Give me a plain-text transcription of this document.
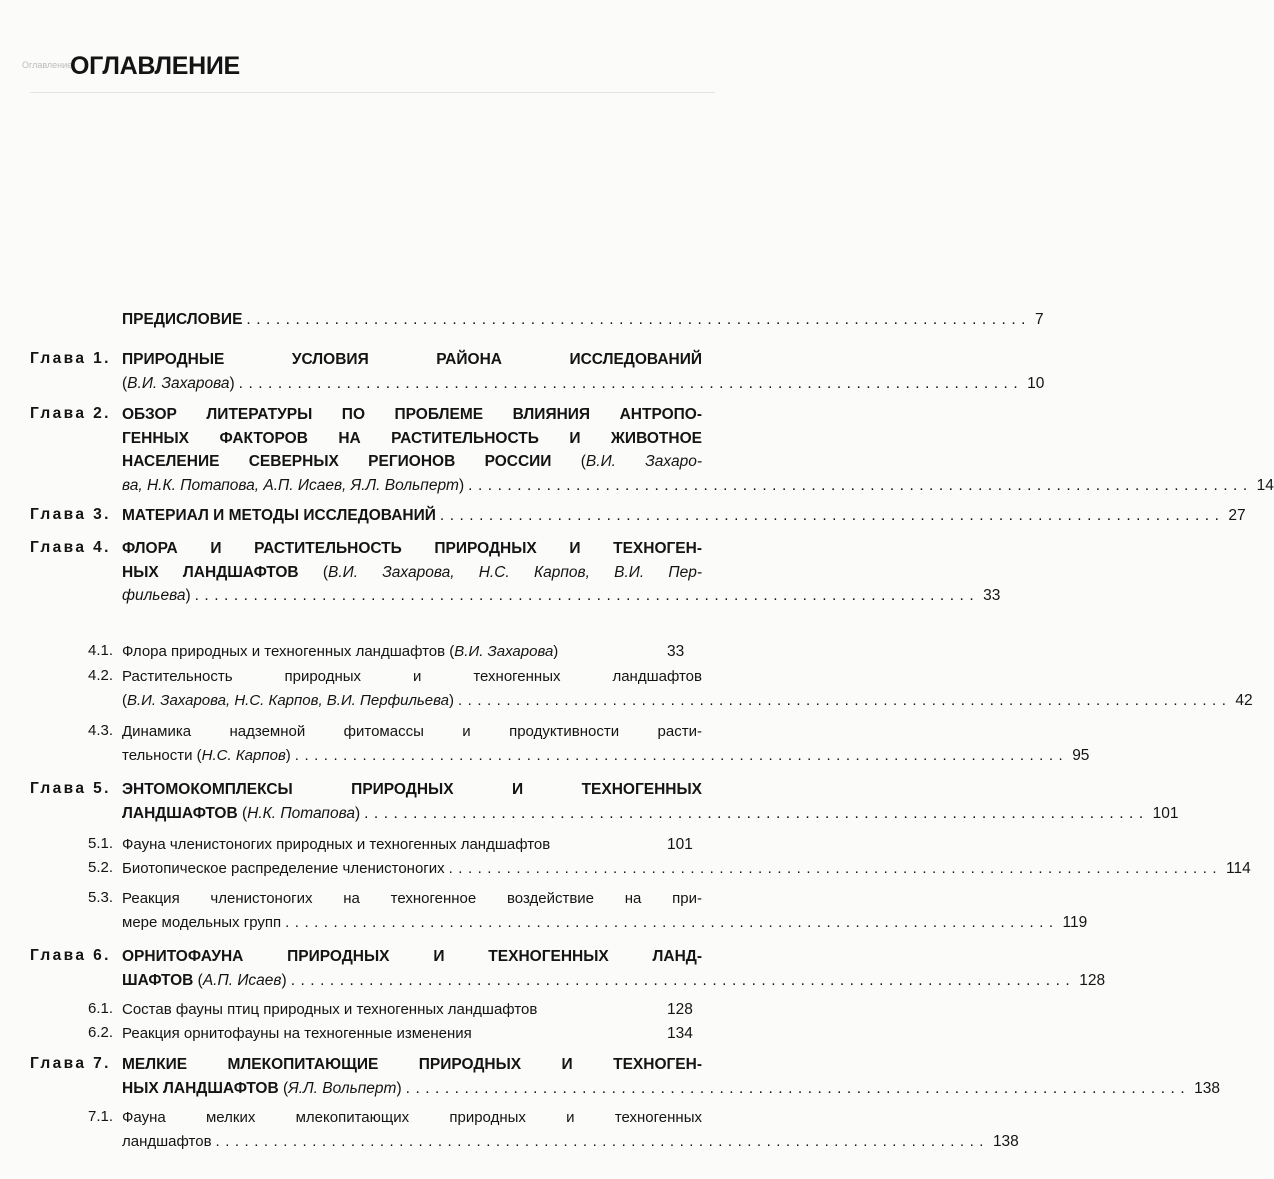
Оглавление
ОГЛАВЛЕНИЕ
ПРЕДИСЛОВИЕ ................................................................................ 7
Глава 1. ПРИРОДНЫЕ УСЛОВИЯ РАЙОНА ИССЛЕДОВАНИЙ
(В.И. Захарова) ................................................................................ 10
Глава 2. ОБЗОР ЛИТЕРАТУРЫ ПО ПРОБЛЕМЕ ВЛИЯНИЯ АНТРОПО-
ГЕННЫХ ФАКТОРОВ НА РАСТИТЕЛЬНОСТЬ И ЖИВОТНОЕ
НАСЕЛЕНИЕ СЕВЕРНЫХ РЕГИОНОВ РОССИИ (В.И. Захаро-
ва, Н.К. Потапова, А.П. Исаев, Я.Л. Вольперт) ................................................................................ 14
Глава 3. МАТЕРИАЛ И МЕТОДЫ ИССЛЕДОВАНИЙ ................................................................................ 27
Глава 4. ФЛОРА И РАСТИТЕЛЬНОСТЬ ПРИРОДНЫХ И ТЕХНОГЕН-
НЫХ ЛАНДШАФТОВ (В.И. Захарова, Н.С. Карпов, В.И. Пер-
фильева) ................................................................................ 33
4.1. Флора природных и техногенных ландшафтов (В.И. Захарова)	33
4.2. Растительность природных и техногенных ландшафтов
(В.И. Захарова, Н.С. Карпов, В.И. Перфильева) ................................................................................ 42
4.3. Динамика надземной фитомассы и продуктивности расти-
тельности (Н.С. Карпов) ................................................................................ 95
Глава 5. ЭНТОМОКОМПЛЕКСЫ ПРИРОДНЫХ И ТЕХНОГЕННЫХ
ЛАНДШАФТОВ (Н.К. Потапова) ................................................................................ 101
5.1. Фауна членистоногих природных и техногенных ландшафтов	101
5.2. Биотопическое распределение членистоногих ................................................................................ 114
5.3. Реакция членистоногих на техногенное воздействие на при-
мере модельных групп ................................................................................ 119
Глава 6. ОРНИТОФАУНА ПРИРОДНЫХ И ТЕХНОГЕННЫХ ЛАНД-
ШАФТОВ (А.П. Исаев) ................................................................................ 128
6.1. Состав фауны птиц природных и техногенных ландшафтов	128
6.2. Реакция орнитофауны на техногенные изменения	134
Глава 7. МЕЛКИЕ МЛЕКОПИТАЮЩИЕ ПРИРОДНЫХ И ТЕХНОГЕН-
НЫХ ЛАНДШАФТОВ (Я.Л. Вольперт) ................................................................................ 138
7.1. Фауна мелких млекопитающих природных и техногенных
ландшафтов ................................................................................ 138
